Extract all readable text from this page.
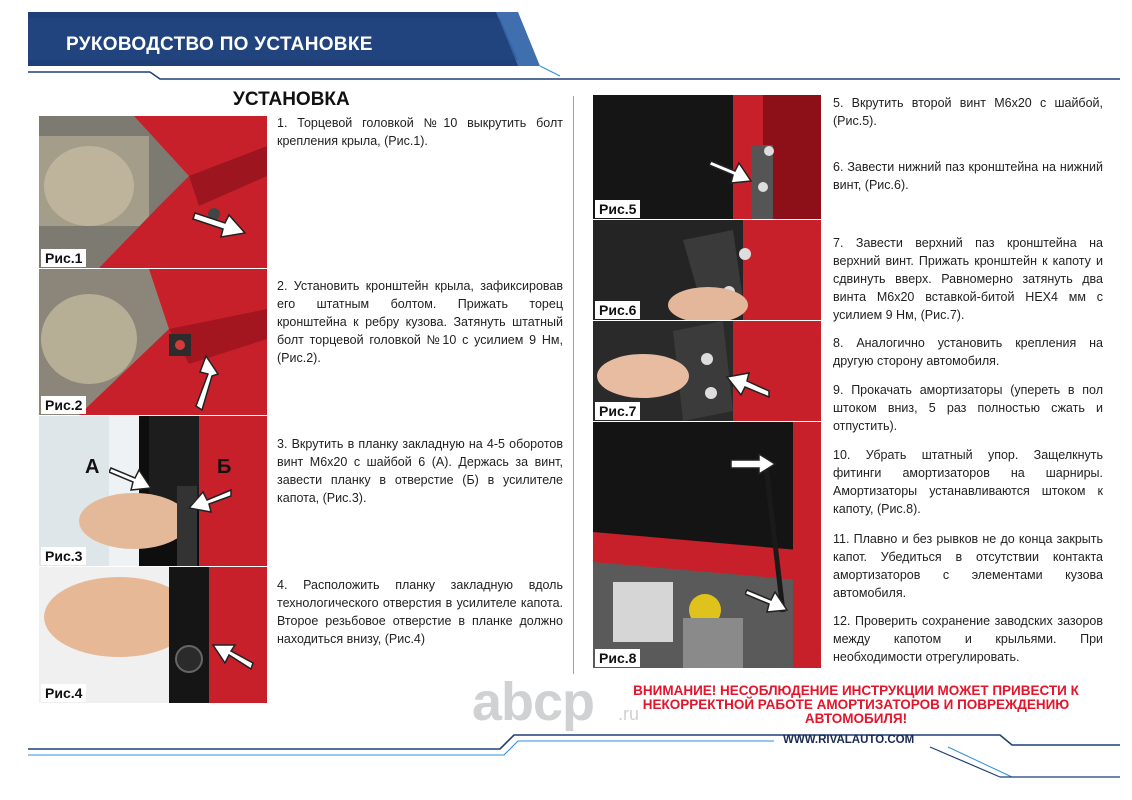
РУКОВОДСТВО ПО УСТАНОВКЕ
УСТАНОВКА
Рис.1
Рис.2
А	Б
Рис.3
Рис.4
1. Торцевой головкой №10 выкрутить болт крепления крыла, (Рис.1).
2. Установить кронштейн крыла, зафиксировав его штатным болтом. Прижать торец кронштейна к ребру кузова. Затянуть штатный болт торцевой головкой №10 с усилием 9 Нм, (Рис.2).
3. Вкрутить в планку закладную на 4-5 оборотов винт М6х20 с шайбой 6 (А). Держась за винт, завести планку в отверстие (Б) в усилителе капота, (Рис.3).
4. Расположить планку закладную вдоль технологического отверстия в усилителе капота. Второе резьбовое отверстие в планке должно находиться внизу, (Рис.4)
Рис.5
Рис.6
Рис.7
Рис.8
5. Вкрутить второй винт М6х20 с шайбой, (Рис.5).
6. Завести нижний паз кронштейна на нижний винт, (Рис.6).
7. Завести верхний паз кронштейна на верхний винт. Прижать кронштейн к капоту и сдвинуть вверх. Равномерно затянуть два винта М6х20 вставкой-битой HEX4 мм с усилием 9 Нм, (Рис.7).
8. Аналогично установить крепления на другую сторону автомобиля.
9. Прокачать амортизаторы (упереть в пол штоком вниз, 5 раз полностью сжать и отпустить).
10. Убрать штатный упор. Защелкнуть фитинги амортизаторов на шарниры. Амортизаторы устанавливаются штоком к капоту, (Рис.8).
11. Плавно и без рывков не до конца закрыть капот. Убедиться в отсутствии контакта амортизаторов с элементами кузова автомобиля.
12. Проверить сохранение заводских зазоров между капотом и крыльями. При необходимости отрегулировать.
abcp .ru
ВНИМАНИЕ! НЕСОБЛЮДЕНИЕ ИНСТРУКЦИИ МОЖЕТ ПРИВЕСТИ К НЕКОРРЕКТНОЙ РАБОТЕ АМОРТИЗАТОРОВ И ПОВРЕЖДЕНИЮ АВТОМОБИЛЯ!
WWW.RIVALAUTO.COM
